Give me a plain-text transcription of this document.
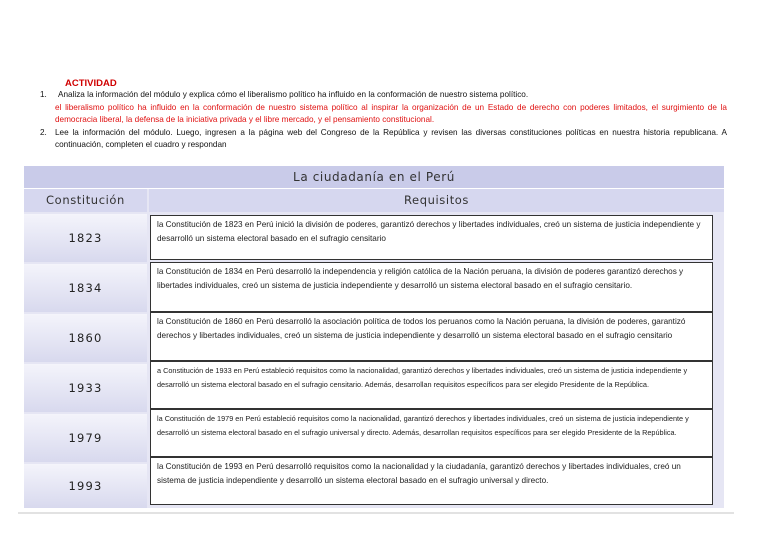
ACTIVIDAD
1. Analiza la información del módulo y explica cómo el liberalismo político ha influido en la conformación de nuestro sistema político.
el liberalismo político ha influido en la conformación de nuestro sistema político al inspirar la organización de un Estado de derecho con poderes limitados, el surgimiento de la democracia liberal, la defensa de la iniciativa privada y el libre mercado, y el pensamiento constitucional.
2. Lee la información del módulo. Luego, ingresen a la página web del Congreso de la República y revisen las diversas constituciones políticas en nuestra historia republicana. A continuación, completen el cuadro y respondan
La ciudadanía en el Perú
Constitución	Requisitos
1823
la Constitución de 1823 en Perú inició la división de poderes, garantizó derechos y libertades individuales, creó un sistema de justicia independiente y desarrolló un sistema electoral basado en el sufragio censitario
1834
la Constitución de 1834 en Perú desarrolló la independencia y religión católica de la Nación peruana, la división de poderes garantizó derechos y libertades individuales, creó un sistema de justicia independiente y desarrolló un sistema electoral basado en el sufragio censitario.
1860
la Constitución de 1860 en Perú desarrolló la asociación política de todos los peruanos como la Nación peruana, la división de poderes, garantizó derechos y libertades individuales, creó un sistema de justicia independiente y desarrolló un sistema electoral basado en el sufragio censitario
1933
a Constitución de 1933 en Perú estableció requisitos como la nacionalidad, garantizó derechos y libertades individuales, creó un sistema de justicia independiente y desarrolló un sistema electoral basado en el sufragio censitario. Además, desarrollan requisitos específicos para ser elegido Presidente de la República.
1979
la Constitución de 1979 en Perú estableció requisitos como la nacionalidad, garantizó derechos y libertades individuales, creó un sistema de justicia independiente y desarrolló un sistema electoral basado en el sufragio universal y directo. Además, desarrollan requisitos específicos para ser elegido Presidente de la República.
1993
la Constitución de 1993 en Perú desarrolló requisitos como la nacionalidad y la ciudadanía, garantizó derechos y libertades individuales, creó un sistema de justicia independiente y desarrolló un sistema electoral basado en el sufragio universal y directo.
